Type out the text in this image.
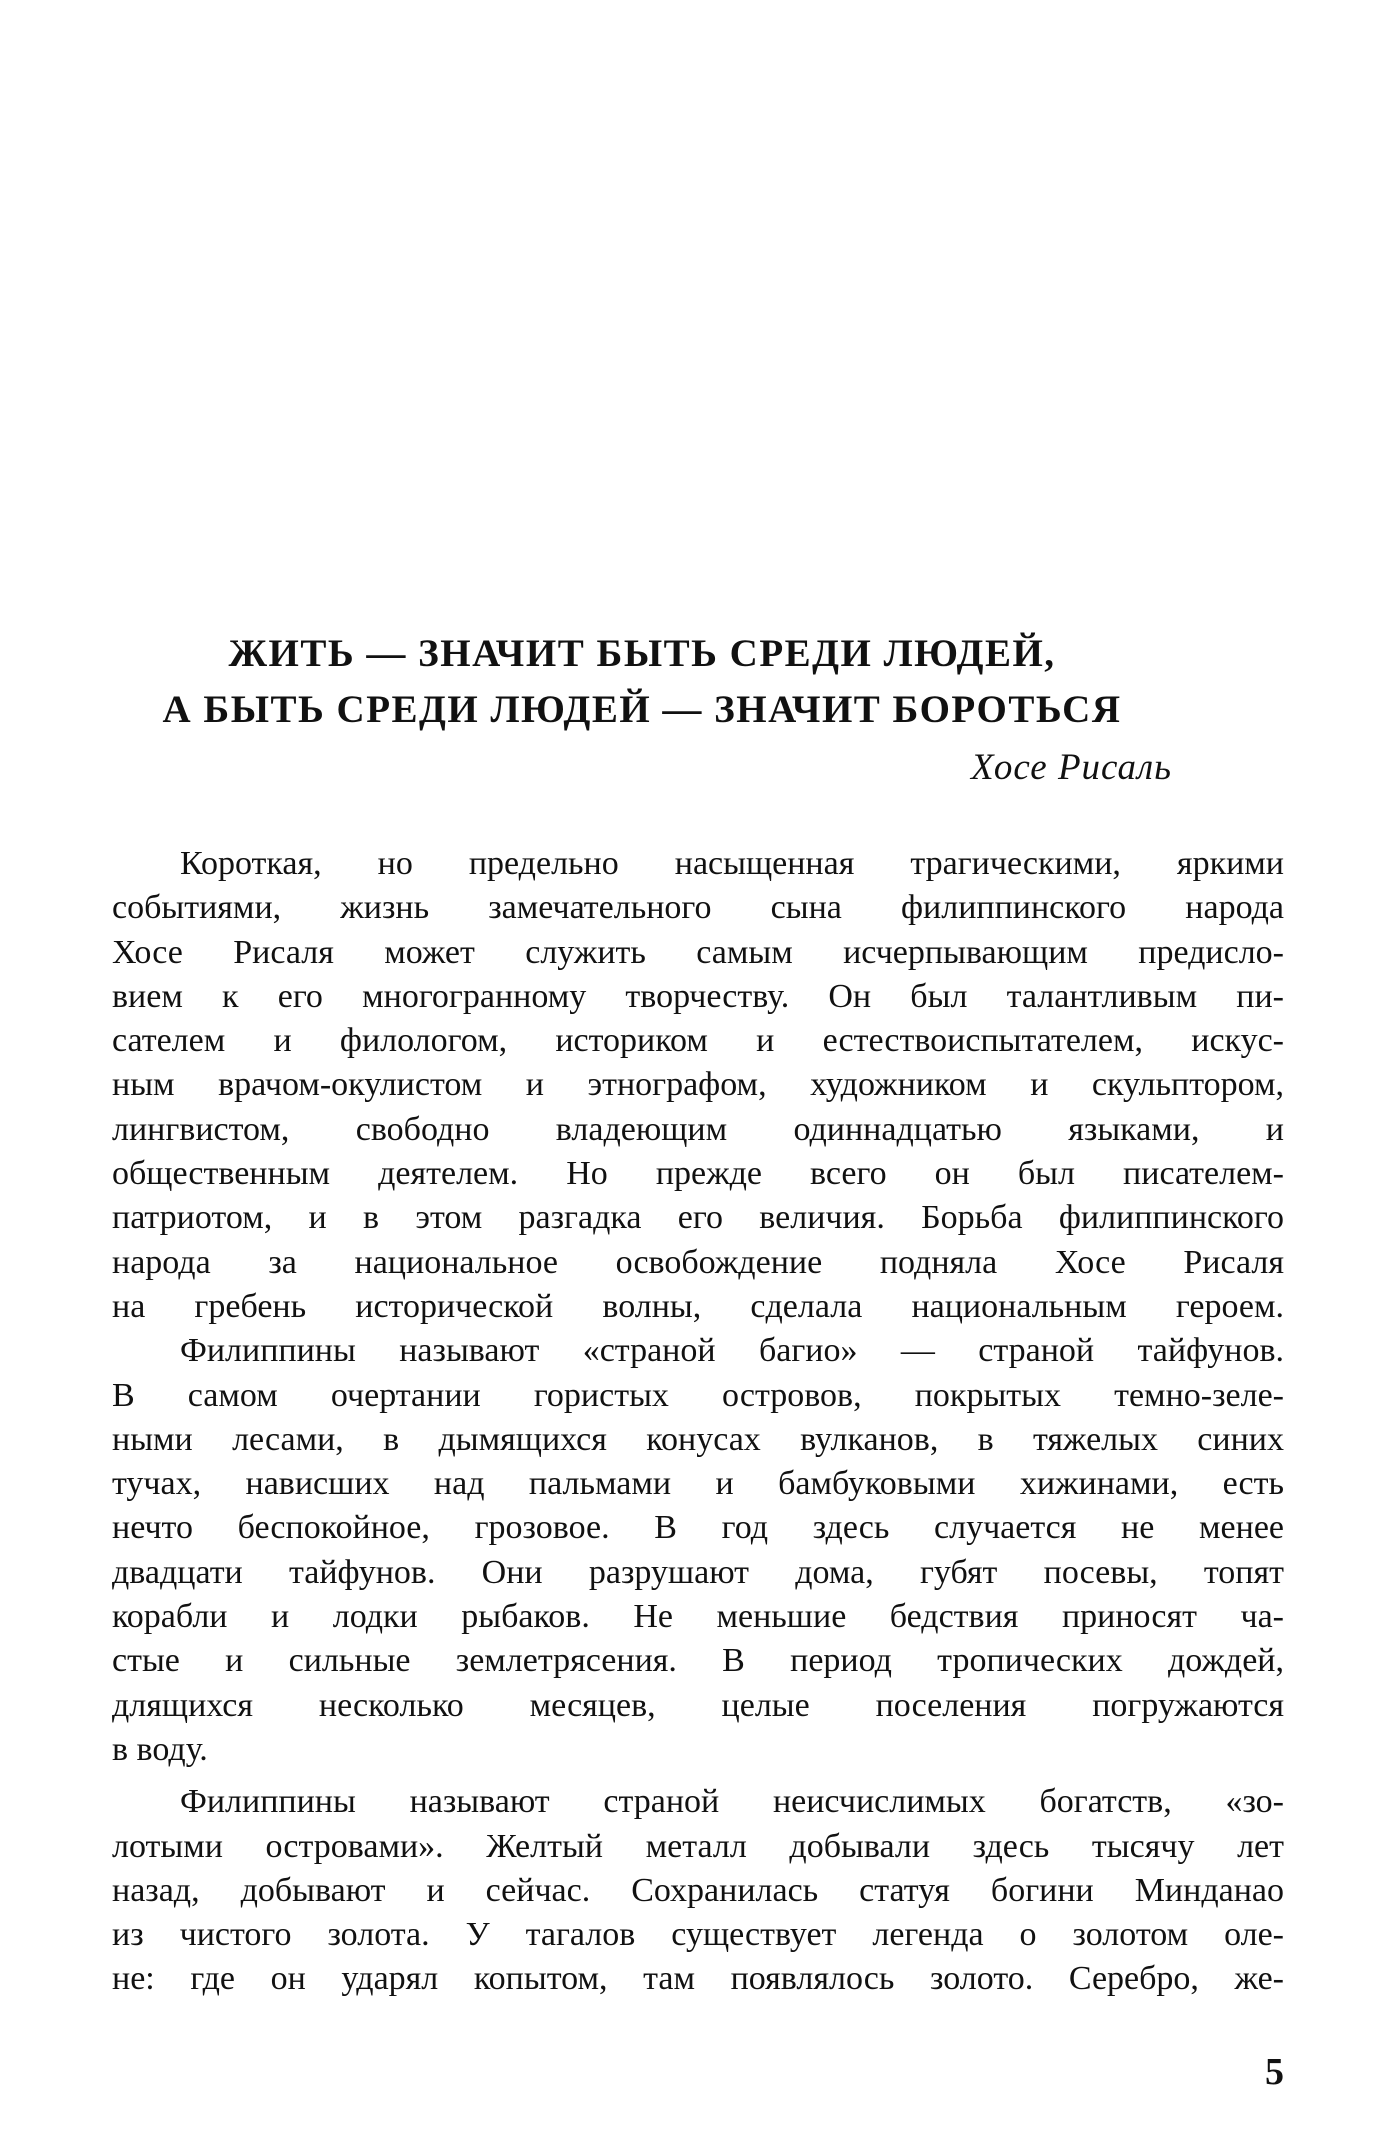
ЖИТЬ — ЗНАЧИТ БЫТЬ СРЕДИ ЛЮДЕЙ,
А БЫТЬ СРЕДИ ЛЮДЕЙ — ЗНАЧИТ БОРОТЬСЯ
Хосе Рисаль
Короткая, но предельно насыщенная трагическими, яркими
событиями, жизнь замечательного сына филиппинского народа
Хосе Рисаля может служить самым исчерпывающим предисло-
вием к его многогранному творчеству. Он был талантливым пи-
сателем и филологом, историком и естествоиспытателем, искус-
ным врачом-окулистом и этнографом, художником и скульптором,
лингвистом, свободно владеющим одиннадцатью языками, и
общественным деятелем. Но прежде всего он был писателем-
патриотом, и в этом разгадка его величия. Борьба филиппинского
народа за национальное освобождение подняла Хосе Рисаля
на гребень исторической волны, сделала национальным героем.
Филиппины называют «страной багио» — страной тайфунов.
В самом очертании гористых островов, покрытых темно-зеле-
ными лесами, в дымящихся конусах вулканов, в тяжелых синих
тучах, нависших над пальмами и бамбуковыми хижинами, есть
нечто беспокойное, грозовое. В год здесь случается не менее
двадцати тайфунов. Они разрушают дома, губят посевы, топят
корабли и лодки рыбаков. Не меньшие бедствия приносят ча-
стые и сильные землетрясения. В период тропических дождей,
длящихся несколько месяцев, целые поселения погружаются
в воду.
Филиппины называют страной неисчислимых богатств, «зо-
лотыми островами». Желтый металл добывали здесь тысячу лет
назад, добывают и сейчас. Сохранилась статуя богини Минданао
из чистого золота. У тагалов существует легенда о золотом оле-
не: где он ударял копытом, там появлялось золото. Серебро, же-
5
